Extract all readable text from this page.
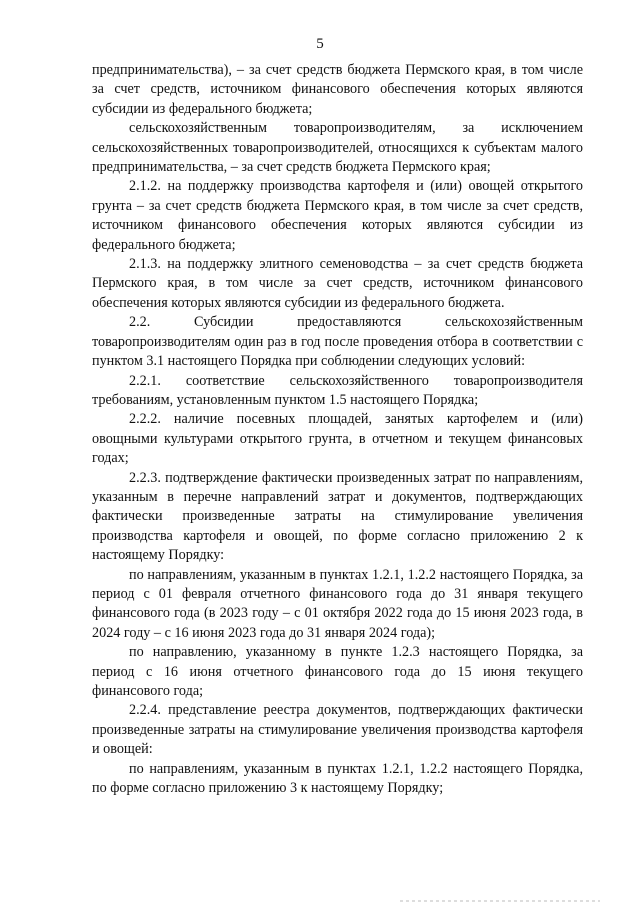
5

предпринимательства), – за счет средств бюджета Пермского края, в том числе за счет средств, источником финансового обеспечения которых являются субсидии из федерального бюджета;

сельскохозяйственным товаропроизводителям, за исключением сельскохозяйственных товаропроизводителей, относящихся к субъектам малого предпринимательства, – за счет средств бюджета Пермского края;

2.1.2. на поддержку производства картофеля и (или) овощей открытого грунта – за счет средств бюджета Пермского края, в том числе за счет средств, источником финансового обеспечения которых являются субсидии из федерального бюджета;

2.1.3. на поддержку элитного семеноводства – за счет средств бюджета Пермского края, в том числе за счет средств, источником финансового обеспечения которых являются субсидии из федерального бюджета.

2.2. Субсидии предоставляются сельскохозяйственным товаропроизводителям один раз в год после проведения отбора в соответствии с пунктом 3.1 настоящего Порядка при соблюдении следующих условий:

2.2.1. соответствие сельскохозяйственного товаропроизводителя требованиям, установленным пунктом 1.5 настоящего Порядка;

2.2.2. наличие посевных площадей, занятых картофелем и (или) овощными культурами открытого грунта, в отчетном и текущем финансовых годах;

2.2.3. подтверждение фактически произведенных затрат по направлениям, указанным в перечне направлений затрат и документов, подтверждающих фактически произведенные затраты на стимулирование увеличения производства картофеля и овощей, по форме согласно приложению 2 к настоящему Порядку:

по направлениям, указанным в пунктах 1.2.1, 1.2.2 настоящего Порядка, за период с 01 февраля отчетного финансового года до 31 января текущего финансового года (в 2023 году – с 01 октября 2022 года до 15 июня 2023 года, в 2024 году – с 16 июня 2023 года до 31 января 2024 года);

по направлению, указанному в пункте 1.2.3 настоящего Порядка, за период с 16 июня отчетного финансового года до 15 июня текущего финансового года;

2.2.4. представление реестра документов, подтверждающих фактически произведенные затраты на стимулирование увеличения производства картофеля и овощей:

по направлениям, указанным в пунктах 1.2.1, 1.2.2 настоящего Порядка, по форме согласно приложению 3 к настоящему Порядку;
